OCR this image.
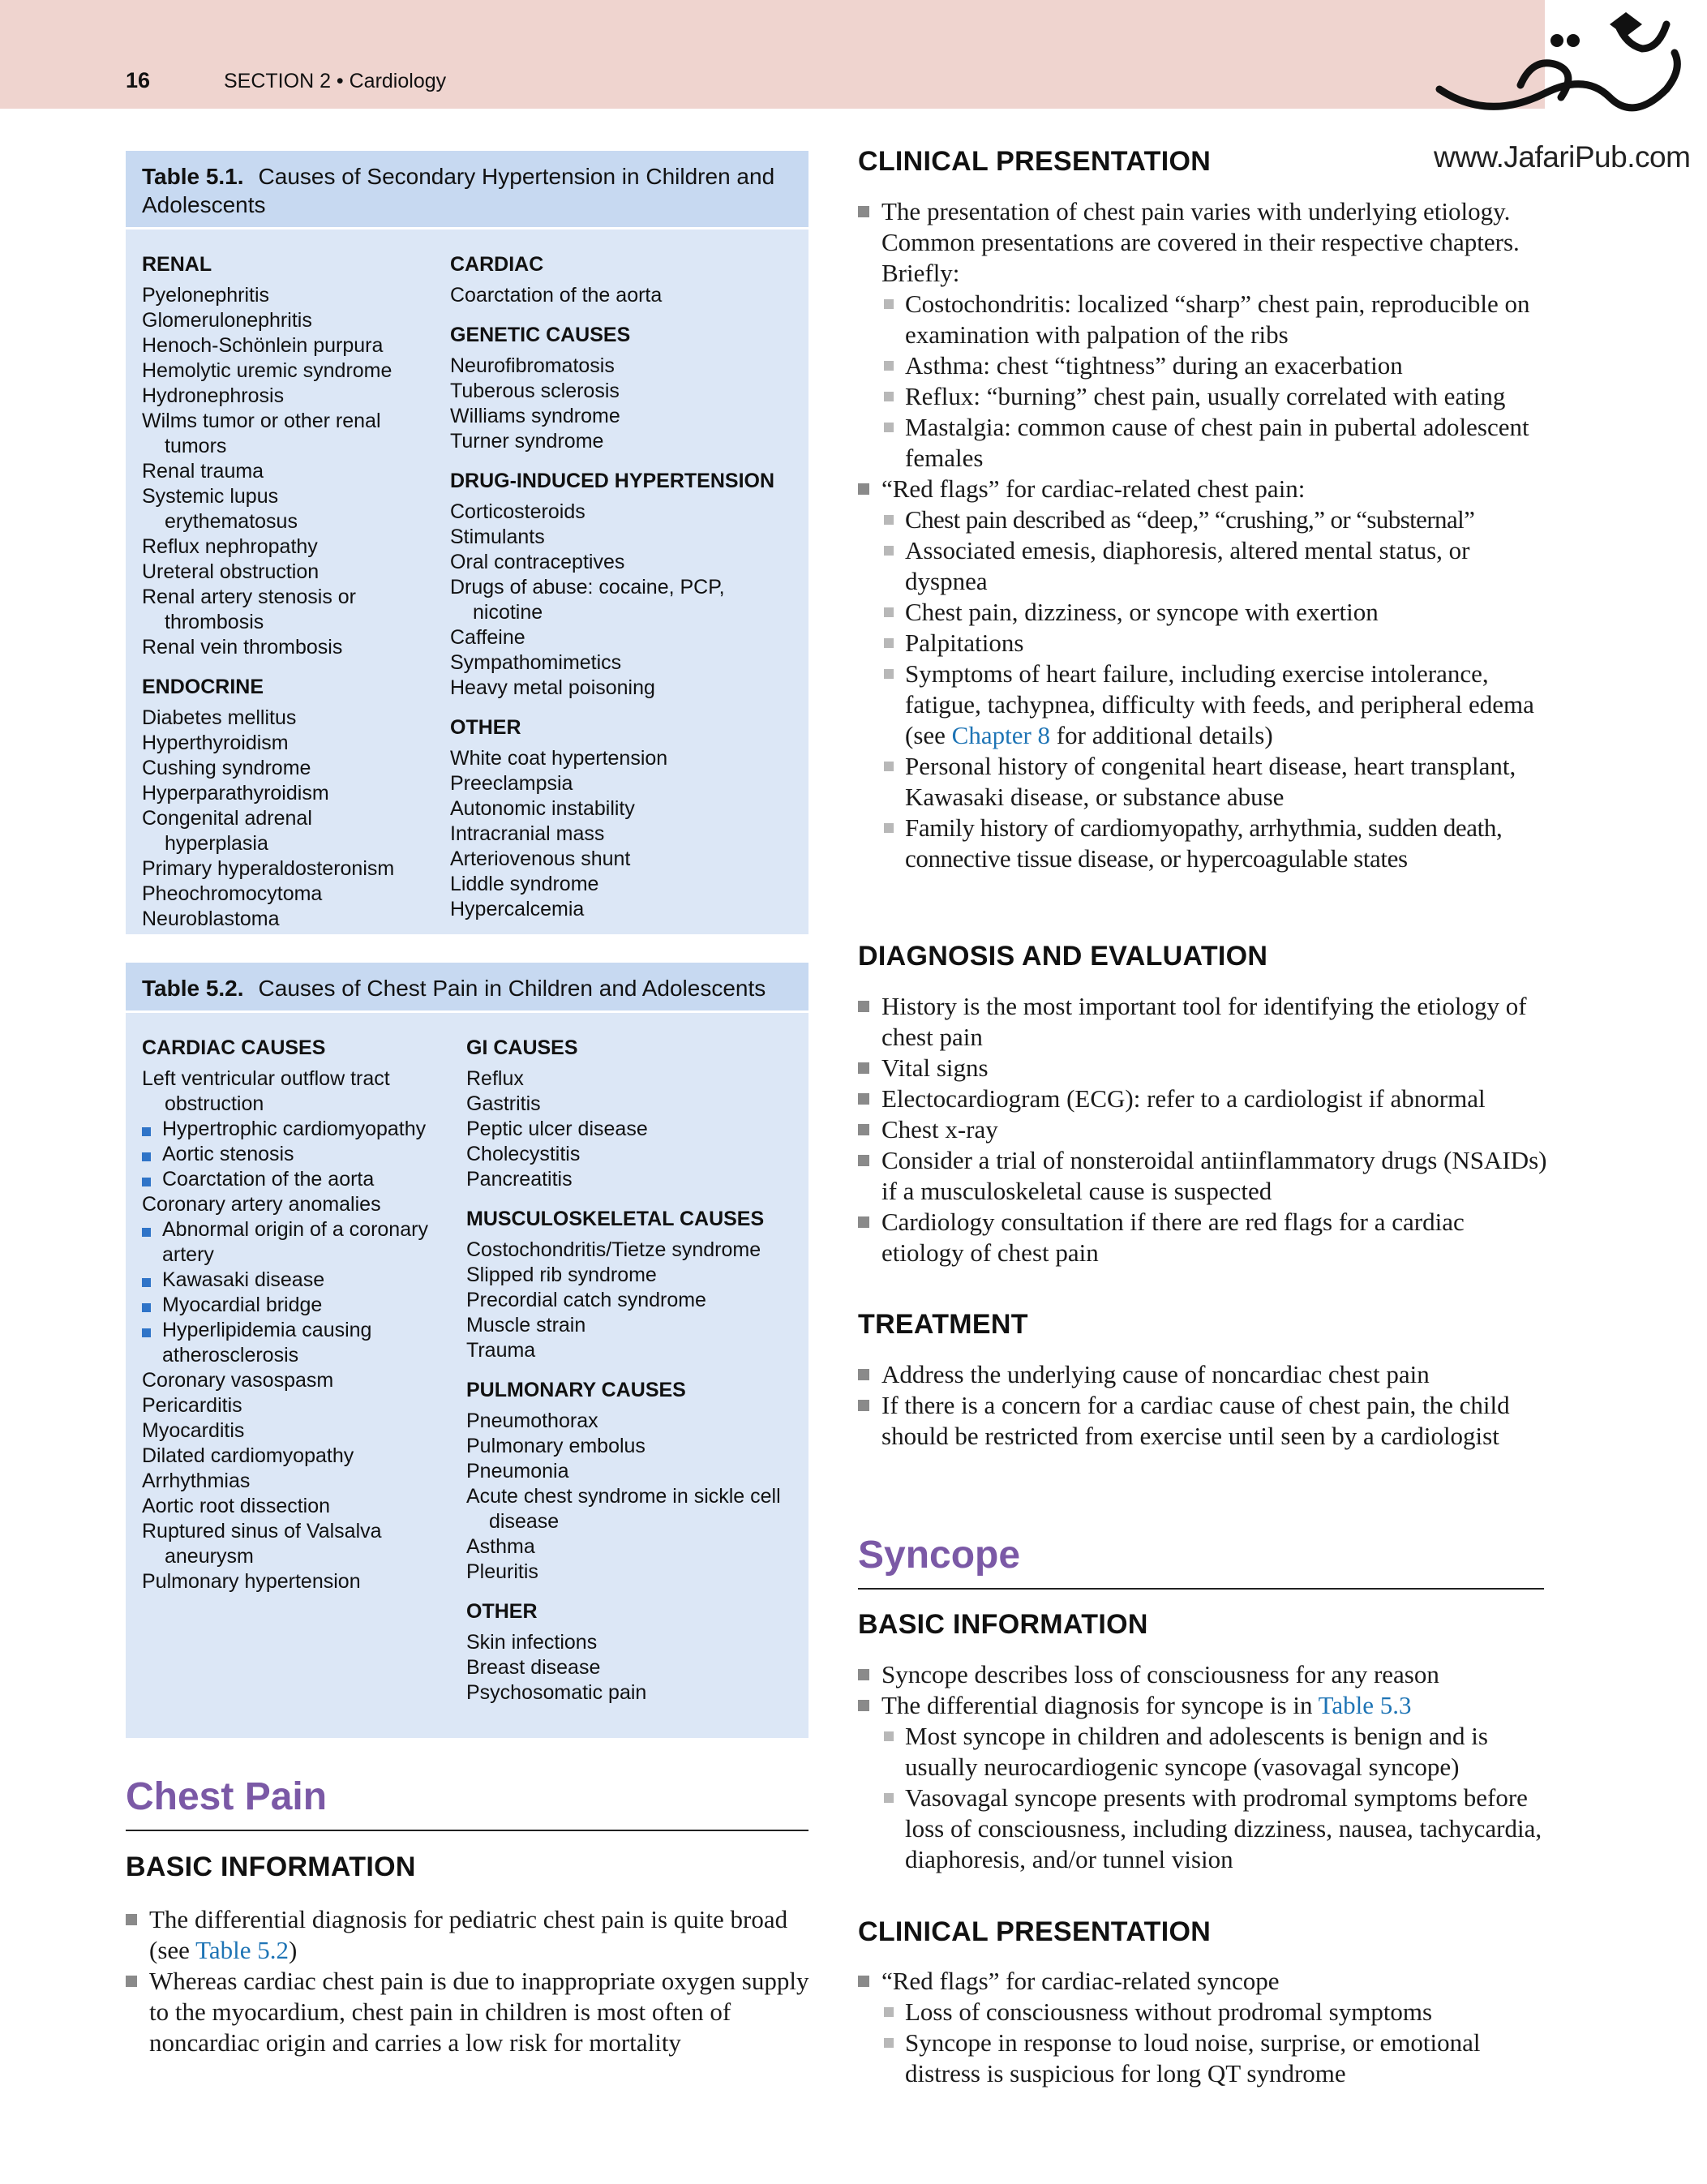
16	SECTION 2 • Cardiology
www.JafariPub.com
Table 5.1. Causes of Secondary Hypertension in Children and Adolescents
RENAL
Pyelonephritis
Glomerulonephritis
Henoch-Schönlein purpura
Hemolytic uremic syndrome
Hydronephrosis
Wilms tumor or other renal tumors
Renal trauma
Systemic lupus erythematosus
Reflux nephropathy
Ureteral obstruction
Renal artery stenosis or thrombosis
Renal vein thrombosis
ENDOCRINE
Diabetes mellitus
Hyperthyroidism
Cushing syndrome
Hyperparathyroidism
Congenital adrenal hyperplasia
Primary hyperaldosteronism
Pheochromocytoma
Neuroblastoma
CARDIAC
Coarctation of the aorta
GENETIC CAUSES
Neurofibromatosis
Tuberous sclerosis
Williams syndrome
Turner syndrome
DRUG-INDUCED HYPERTENSION
Corticosteroids
Stimulants
Oral contraceptives
Drugs of abuse: cocaine, PCP, nicotine
Caffeine
Sympathomimetics
Heavy metal poisoning
OTHER
White coat hypertension
Preeclampsia
Autonomic instability
Intracranial mass
Arteriovenous shunt
Liddle syndrome
Hypercalcemia
Table 5.2. Causes of Chest Pain in Children and Adolescents
CARDIAC CAUSES
Left ventricular outflow tract obstruction
Hypertrophic cardiomyopathy
Aortic stenosis
Coarctation of the aorta
Coronary artery anomalies
Abnormal origin of a coronary artery
Kawasaki disease
Myocardial bridge
Hyperlipidemia causing atherosclerosis
Coronary vasospasm
Pericarditis
Myocarditis
Dilated cardiomyopathy
Arrhythmias
Aortic root dissection
Ruptured sinus of Valsalva aneurysm
Pulmonary hypertension
GI CAUSES
Reflux
Gastritis
Peptic ulcer disease
Cholecystitis
Pancreatitis
MUSCULOSKELETAL CAUSES
Costochondritis/Tietze syndrome
Slipped rib syndrome
Precordial catch syndrome
Muscle strain
Trauma
PULMONARY CAUSES
Pneumothorax
Pulmonary embolus
Pneumonia
Acute chest syndrome in sickle cell disease
Asthma
Pleuritis
OTHER
Skin infections
Breast disease
Psychosomatic pain
Chest Pain
BASIC INFORMATION
The differential diagnosis for pediatric chest pain is quite broad (see Table 5.2)
Whereas cardiac chest pain is due to inappropriate oxygen supply to the myocardium, chest pain in children is most often of noncardiac origin and carries a low risk for mortality
CLINICAL PRESENTATION
The presentation of chest pain varies with underlying etiology. Common presentations are covered in their respective chapters. Briefly:
Costochondritis: localized “sharp” chest pain, reproducible on examination with palpation of the ribs
Asthma: chest “tightness” during an exacerbation
Reflux: “burning” chest pain, usually correlated with eating
Mastalgia: common cause of chest pain in pubertal adolescent females
“Red flags” for cardiac-related chest pain:
Chest pain described as “deep,” “crushing,” or “substernal”
Associated emesis, diaphoresis, altered mental status, or dyspnea
Chest pain, dizziness, or syncope with exertion
Palpitations
Symptoms of heart failure, including exercise intolerance, fatigue, tachypnea, difficulty with feeds, and peripheral edema (see Chapter 8 for additional details)
Personal history of congenital heart disease, heart transplant, Kawasaki disease, or substance abuse
Family history of cardiomyopathy, arrhythmia, sudden death, connective tissue disease, or hypercoagulable states
DIAGNOSIS AND EVALUATION
History is the most important tool for identifying the etiology of chest pain
Vital signs
Electocardiogram (ECG): refer to a cardiologist if abnormal
Chest x-ray
Consider a trial of nonsteroidal antiinflammatory drugs (NSAIDs) if a musculoskeletal cause is suspected
Cardiology consultation if there are red flags for a cardiac etiology of chest pain
TREATMENT
Address the underlying cause of noncardiac chest pain
If there is a concern for a cardiac cause of chest pain, the child should be restricted from exercise until seen by a cardiologist
Syncope
BASIC INFORMATION
Syncope describes loss of consciousness for any reason
The differential diagnosis for syncope is in Table 5.3
Most syncope in children and adolescents is benign and is usually neurocardiogenic syncope (vasovagal syncope)
Vasovagal syncope presents with prodromal symptoms before loss of consciousness, including dizziness, nausea, tachycardia, diaphoresis, and/or tunnel vision
CLINICAL PRESENTATION
“Red flags” for cardiac-related syncope
Loss of consciousness without prodromal symptoms
Syncope in response to loud noise, surprise, or emotional distress is suspicious for long QT syndrome
